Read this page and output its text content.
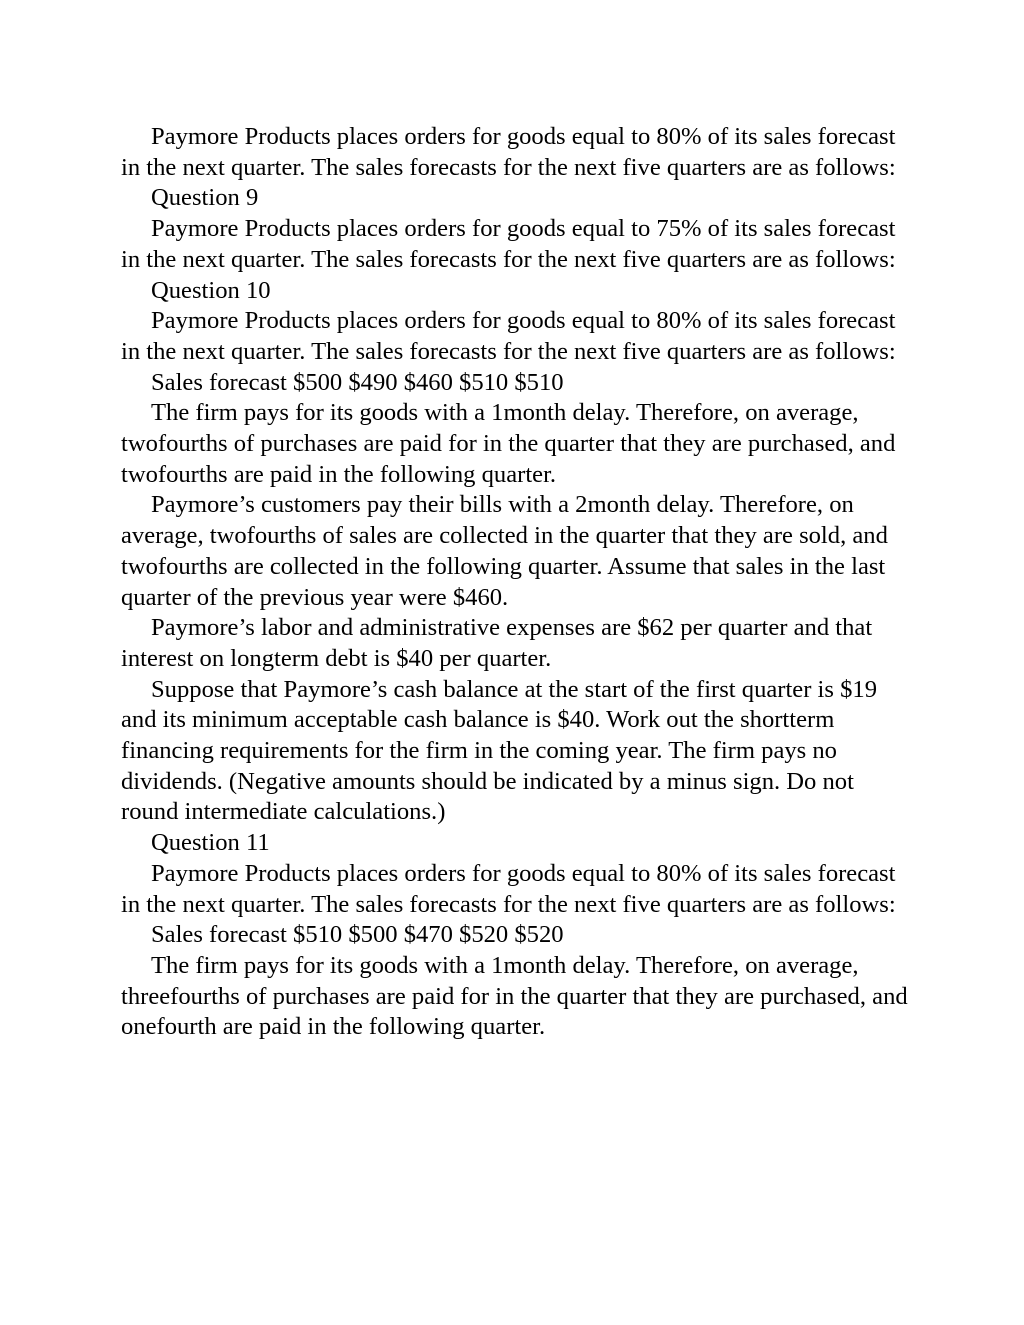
Paymore Products places orders for goods equal to 80% of its sales forecast in the next quarter. The sales forecasts for the next five quarters are as follows:

Question 9

Paymore Products places orders for goods equal to 75% of its sales forecast in the next quarter. The sales forecasts for the next five quarters are as follows:

Question 10

Paymore Products places orders for goods equal to 80% of its sales forecast in the next quarter. The sales forecasts for the next five quarters are as follows:

Sales forecast $500 $490 $460 $510 $510

The firm pays for its goods with a 1month delay. Therefore, on average, twofourths of purchases are paid for in the quarter that they are purchased, and twofourths are paid in the following quarter.

Paymore’s customers pay their bills with a 2month delay. Therefore, on average, twofourths of sales are collected in the quarter that they are sold, and twofourths are collected in the following quarter. Assume that sales in the last quarter of the previous year were $460.

Paymore’s labor and administrative expenses are $62 per quarter and that interest on longterm debt is $40 per quarter.

Suppose that Paymore’s cash balance at the start of the first quarter is $19 and its minimum acceptable cash balance is $40. Work out the shortterm financing requirements for the firm in the coming year. The firm pays no dividends. (Negative amounts should be indicated by a minus sign. Do not round intermediate calculations.)

Question 11

Paymore Products places orders for goods equal to 80% of its sales forecast in the next quarter. The sales forecasts for the next five quarters are as follows:

Sales forecast $510 $500 $470 $520 $520

The firm pays for its goods with a 1month delay. Therefore, on average, threefourths of purchases are paid for in the quarter that they are purchased, and onefourth are paid in the following quarter.
